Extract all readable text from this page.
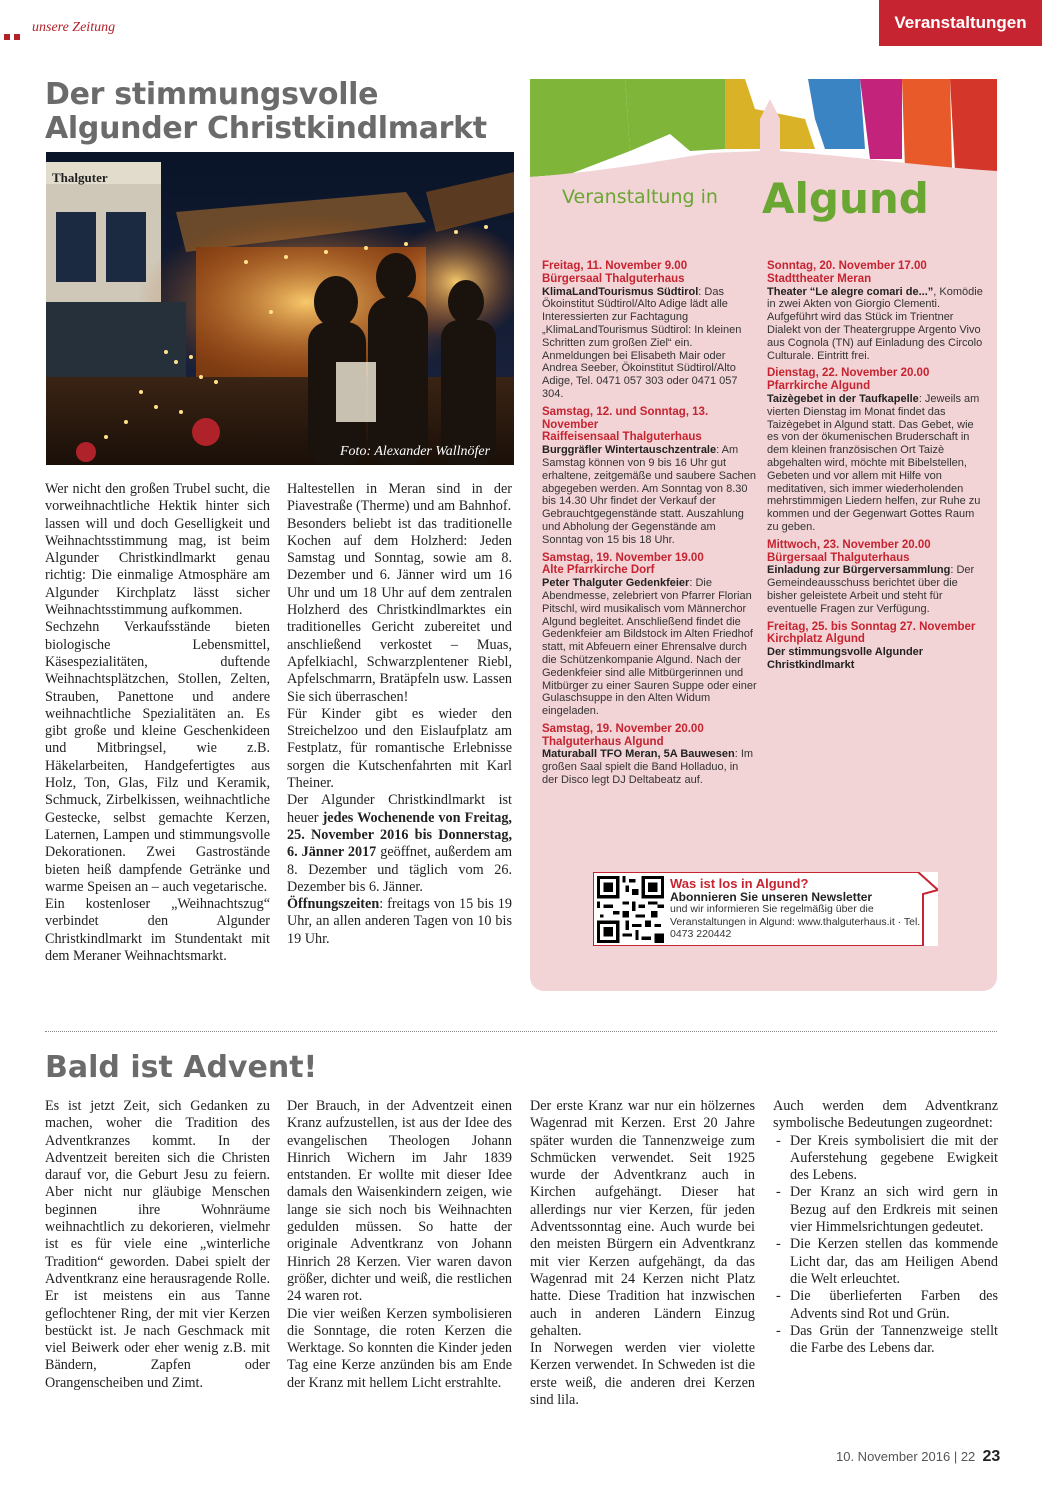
unsere Zeitung	Veranstaltungen
Der stimmungsvolle Algunder Christkindlmarkt
Thalguter
Foto: Alexander Wallnöfer

Wer nicht den großen Trubel sucht, die vorweihnachtliche Hektik hinter sich lassen will und doch Geselligkeit und Weihnachtsstimmung mag, ist beim Algunder Christkindlmarkt genau richtig: Die einmalige Atmosphäre am Algunder Kirchplatz lässt sicher Weihnachtsstimmung aufkommen.

Sechzehn Verkaufsstände bieten biologische Lebensmittel, Käsespezialitäten, duftende Weihnachtsplätzchen, Stollen, Zelten, Strauben, Panettone und andere weihnachtliche Spezialitäten an. Es gibt große und kleine Geschenkideen und Mitbringsel, wie z.B. Häkelarbeiten, Handgefertigtes aus Holz, Ton, Glas, Filz und Keramik, Schmuck, Zirbelkissen, weihnachtliche Gestecke, selbst gemachte Kerzen, Laternen, Lampen und stimmungsvolle Dekorationen. Zwei Gastrostände bieten heiß dampfende Getränke und warme Speisen an – auch vegetarische.

Ein kostenloser „Weihnachtszug“ verbindet den Algunder Christkindlmarkt im Stundentakt mit dem Meraner Weihnachtsmarkt.

Haltestellen in Meran sind in der Piavestraße (Therme) und am Bahnhof.

Besonders beliebt ist das traditionelle Kochen auf dem Holzherd: Jeden Samstag und Sonntag, sowie am 8. Dezember und 6. Jänner wird um 16 Uhr und um 18 Uhr auf dem zentralen Holzherd des Christkindlmarktes ein traditionelles Gericht zubereitet und anschließend verkostet – Muas, Apfelkiachl, Schwarzplentener Riebl, Apfelschmarrn, Bratäpfeln usw. Lassen Sie sich überraschen!

Für Kinder gibt es wieder den Streichelzoo und den Eislaufplatz am Festplatz, für romantische Erlebnisse sorgen die Kutschenfahrten mit Karl Theiner.

Der Algunder Christkindlmarkt ist heuer jedes Wochenende von Freitag, 25. November 2016 bis Donnerstag, 6. Jänner 2017 geöffnet, außerdem am 8. Dezember und täglich vom 26. Dezember bis 6. Jänner.

Öffnungszeiten: freitags von 15 bis 19 Uhr, an allen anderen Tagen von 10 bis 19 Uhr.

Veranstaltung in Algund
Freitag, 11. November 9.00
Bürgersaal Thalguterhaus
KlimaLandTourismus Südtirol: Das Ökoinstitut Südtirol/Alto Adige lädt alle Interessierten zur Fachtagung „KlimaLandTourismus Südtirol: In kleinen Schritten zum großen Ziel“ ein. Anmeldungen bei Elisabeth Mair oder Andrea Seeber, Ökoinstitut Südtirol/Alto Adige, Tel. 0471 057 303 oder 0471 057 304.
Samstag, 12. und Sonntag, 13. November
Raiffeisensaal Thalguterhaus
Burggräfler Wintertauschzentrale: Am Samstag können von 9 bis 16 Uhr gut erhaltene, zeitgemäße und saubere Sachen abgegeben werden. Am Sonntag von 8.30 bis 14.30 Uhr findet der Verkauf der Gebrauchtgegenstände statt. Auszahlung und Abholung der Gegenstände am Sonntag von 15 bis 18 Uhr.
Samstag, 19. November 19.00
Alte Pfarrkirche Dorf
Peter Thalguter Gedenkfeier: Die Abendmesse, zelebriert von Pfarrer Florian Pitschl, wird musikalisch vom Männerchor Algund begleitet. Anschließend findet die Gedenkfeier am Bildstock im Alten Friedhof statt, mit Abfeuern einer Ehrensalve durch die Schützenkompanie Algund. Nach der Gedenkfeier sind alle Mitbürgerinnen und Mitbürger zu einer Sauren Suppe oder einer Gulaschsuppe in den Alten Widum eingeladen.
Samstag, 19. November 20.00
Thalguterhaus Algund
Maturaball TFO Meran, 5A Bauwesen: Im großen Saal spielt die Band Holladuo, in der Disco legt DJ Deltabeatz auf.
Sonntag, 20. November 17.00
Stadttheater Meran
Theater “Le alegre comari de...”, Komödie in zwei Akten von Giorgio Clementi. Aufgeführt wird das Stück im Trientner Dialekt von der Theatergruppe Argento Vivo aus Cognola (TN) auf Einladung des Circolo Culturale. Eintritt frei.
Dienstag, 22. November 20.00
Pfarrkirche Algund
Taizègebet in der Taufkapelle: Jeweils am vierten Dienstag im Monat findet das Taizègebet in Algund statt. Das Gebet, wie es von der ökumenischen Bruderschaft in dem kleinen französischen Ort Taizè abgehalten wird, möchte mit Bibelstellen, Gebeten und vor allem mit Hilfe von meditativen, sich immer wiederholenden mehrstimmigen Liedern helfen, zur Ruhe zu kommen und der Gegenwart Gottes Raum zu geben.
Mittwoch, 23. November 20.00
Bürgersaal Thalguterhaus
Einladung zur Bürgerversammlung: Der Gemeindeausschuss berichtet über die bisher geleistete Arbeit und steht für eventuelle Fragen zur Verfügung.
Freitag, 25. bis Sonntag 27. November
Kirchplatz Algund
Der stimmungsvolle Algunder Christkindlmarkt
Was ist los in Algund?
Abonnieren Sie unseren Newsletter
und wir informieren Sie regelmäßig über die Veranstaltungen in Algund: www.thalguterhaus.it · Tel. 0473 220442
Bald ist Advent!

Es ist jetzt Zeit, sich Gedanken zu machen, woher die Tradition des Adventkranzes kommt. In der Adventzeit bereiten sich die Christen darauf vor, die Geburt Jesu zu feiern. Aber nicht nur gläubige Menschen beginnen ihre Wohnräume weihnachtlich zu dekorieren, vielmehr ist es für viele eine „winterliche Tradition“ geworden. Dabei spielt der Adventkranz eine herausragende Rolle. Er ist meistens ein aus Tanne geflochtener Ring, der mit vier Kerzen bestückt ist. Je nach Geschmack mit viel Beiwerk oder eher wenig z.B. mit Bändern, Zapfen oder Orangenscheiben und Zimt.

Der Brauch, in der Adventzeit einen Kranz aufzustellen, ist aus der Idee des evangelischen Theologen Johann Hinrich Wichern im Jahr 1839 entstanden. Er wollte mit dieser Idee damals den Waisenkindern zeigen, wie lange sie sich noch bis Weihnachten gedulden müssen. So hatte der originale Adventkranz von Johann Hinrich 28 Kerzen. Vier waren davon größer, dichter und weiß, die restlichen 24 waren rot.

Die vier weißen Kerzen symbolisieren die Sonntage, die roten Kerzen die Werktage. So konnten die Kinder jeden Tag eine Kerze anzünden bis am Ende der Kranz mit hellem Licht erstrahlte.

Der erste Kranz war nur ein hölzernes Wagenrad mit Kerzen. Erst 20 Jahre später wurden die Tannenzweige zum Schmücken verwendet. Seit 1925 wurde der Adventkranz auch in Kirchen aufgehängt. Dieser hat allerdings nur vier Kerzen, für jeden Adventssonntag eine. Auch wurde bei den meisten Bürgern ein Adventkranz mit vier Kerzen aufgehängt, da das Wagenrad mit 24 Kerzen nicht Platz hatte. Diese Tradition hat inzwischen auch in anderen Ländern Einzug gehalten.

In Norwegen werden vier violette Kerzen verwendet. In Schweden ist die erste weiß, die anderen drei Kerzen sind lila.

Auch werden dem Adventkranz symbolische Bedeutungen zugeordnet:

- Der Kreis symbolisiert die mit der Auferstehung gegebene Ewigkeit des Lebens.
- Der Kranz an sich wird gern in Bezug auf den Erdkreis mit seinen vier Himmelsrichtungen gedeutet.
- Die Kerzen stellen das kommende Licht dar, das am Heiligen Abend die Welt erleuchtet.
- Die überlieferten Farben des Advents sind Rot und Grün.
- Das Grün der Tannenzweige stellt die Farbe des Lebens dar.
10. November 2016 | 22 23
